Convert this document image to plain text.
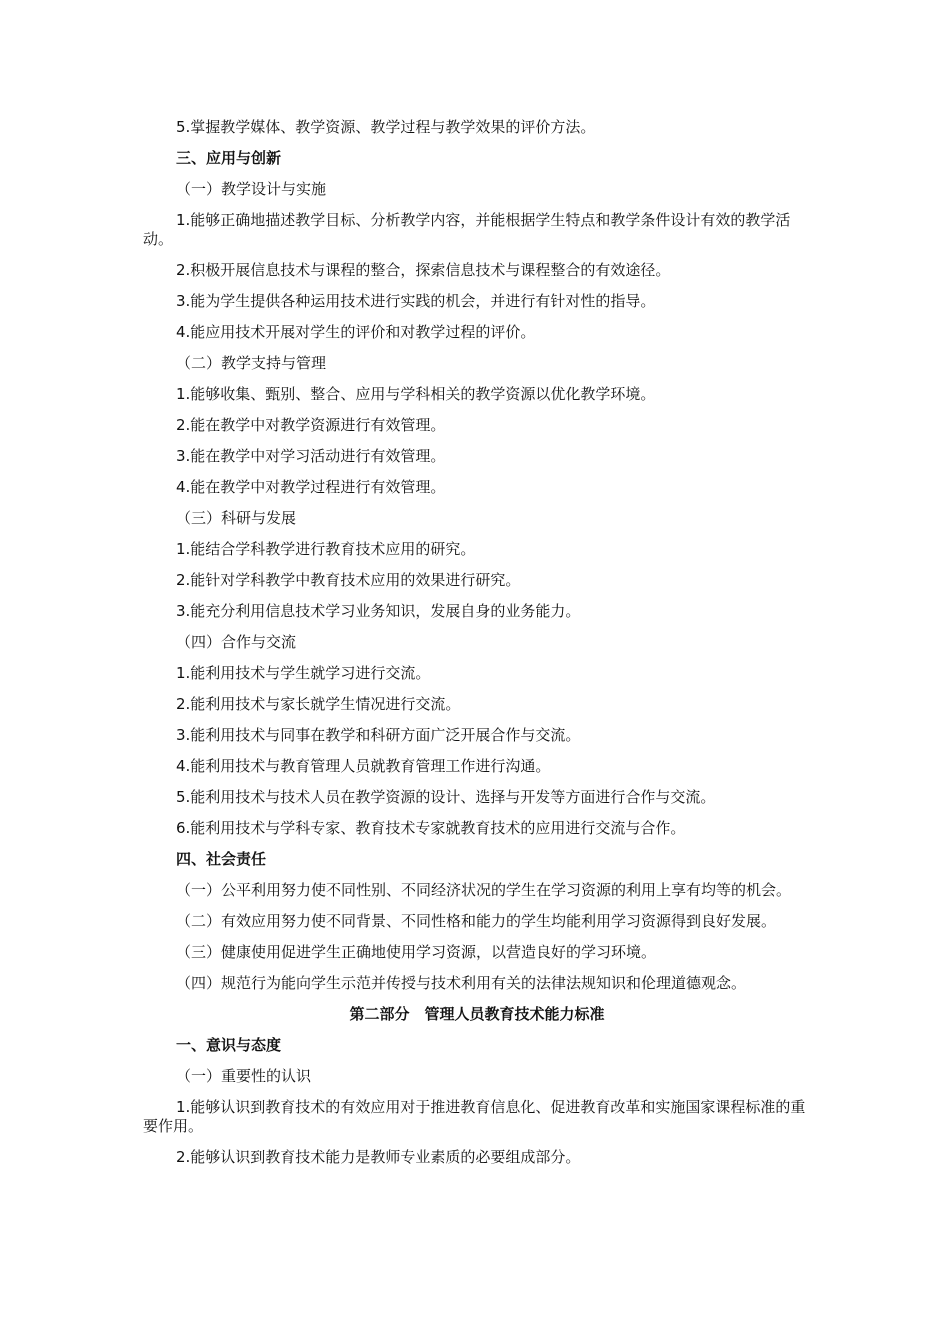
5.掌握教学媒体、教学资源、教学过程与教学效果的评价方法。

三、应用与创新

（一）教学设计与实施

1.能够正确地描述教学目标、分析教学内容，并能根据学生特点和教学条件设计有效的教学活动。

2.积极开展信息技术与课程的整合，探索信息技术与课程整合的有效途径。

3.能为学生提供各种运用技术进行实践的机会，并进行有针对性的指导。

4.能应用技术开展对学生的评价和对教学过程的评价。

（二）教学支持与管理

1.能够收集、甄别、整合、应用与学科相关的教学资源以优化教学环境。

2.能在教学中对教学资源进行有效管理。

3.能在教学中对学习活动进行有效管理。

4.能在教学中对教学过程进行有效管理。

（三）科研与发展

1.能结合学科教学进行教育技术应用的研究。

2.能针对学科教学中教育技术应用的效果进行研究。

3.能充分利用信息技术学习业务知识，发展自身的业务能力。

（四）合作与交流

1.能利用技术与学生就学习进行交流。

2.能利用技术与家长就学生情况进行交流。

3.能利用技术与同事在教学和科研方面广泛开展合作与交流。

4.能利用技术与教育管理人员就教育管理工作进行沟通。

5.能利用技术与技术人员在教学资源的设计、选择与开发等方面进行合作与交流。

6.能利用技术与学科专家、教育技术专家就教育技术的应用进行交流与合作。

四、社会责任

（一）公平利用努力使不同性别、不同经济状况的学生在学习资源的利用上享有均等的机会。

（二）有效应用努力使不同背景、不同性格和能力的学生均能利用学习资源得到良好发展。

（三）健康使用促进学生正确地使用学习资源，以营造良好的学习环境。

（四）规范行为能向学生示范并传授与技术利用有关的法律法规知识和伦理道德观念。

第二部分　管理人员教育技术能力标准

一、意识与态度

（一）重要性的认识

1.能够认识到教育技术的有效应用对于推进教育信息化、促进教育改革和实施国家课程标准的重要作用。

2.能够认识到教育技术能力是教师专业素质的必要组成部分。
